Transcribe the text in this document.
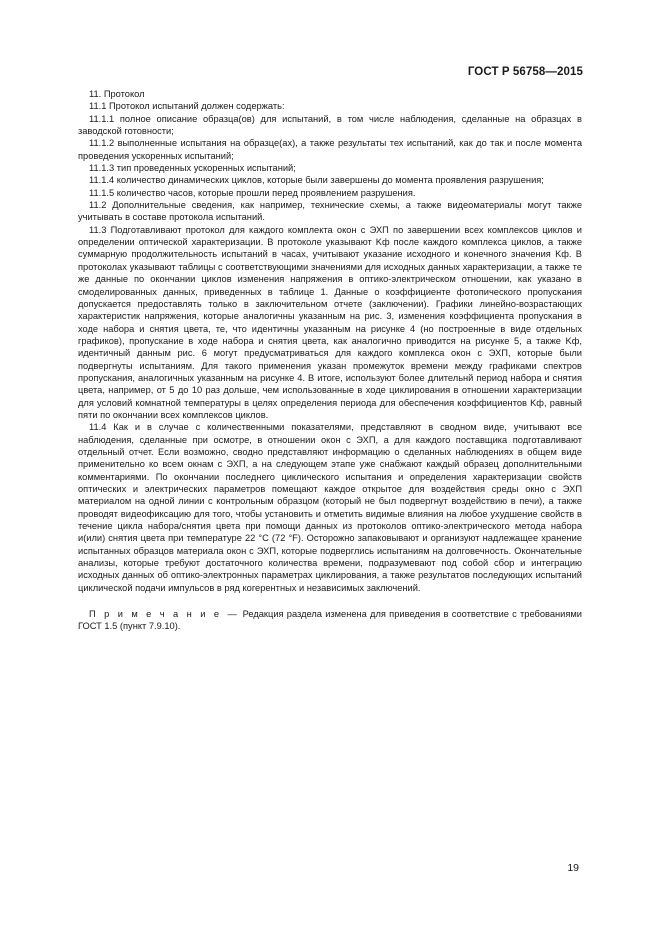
ГОСТ Р 56758—2015

11. Протокол

11.1 Протокол испытаний должен содержать:

11.1.1 полное описание образца(ов) для испытаний, в том числе наблюдения, сделанные на образцах в заводской готовности;

11.1.2 выполненные испытания на образце(ах), а также результаты тех испытаний, как до так и после момента проведения ускоренных испытаний;

11.1.3 тип проведенных ускоренных испытаний;

11.1.4 количество динамических циклов, которые были завершены до момента проявления разрушения;

11.1.5 количество часов, которые прошли перед проявлением разрушения.

11.2 Дополнительные сведения, как например, технические схемы, а также видеоматериалы могут также учитывать в составе протокола испытаний.

11.3 Подготавливают протокол для каждого комплекта окон с ЭХП по завершении всех комплексов циклов и определении оптической характеризации. В протоколе указывают Kф после каждого комплекса циклов, а также суммарную продолжительность испытаний в часах, учитывают указание исходного и конечного значения Kф. В протоколах указывают таблицы с соответствующими значениями для исходных данных характеризации, а также те же данные по окончании циклов изменения напряжения в оптико-электрическом отношении, как указано в смоделированных данных, приведенных в таблице 1. Данные о коэффициенте фотопического пропускания допускается предоставлять только в заключительном отчете (заключении). Графики линейно-возрастающих характеристик напряжения, которые аналогичны указанным на рис. 3, изменения коэффициента пропускания в ходе набора и снятия цвета, те, что идентичны указанным на рисунке 4 (но построенные в виде отдельных графиков), пропускание в ходе набора и снятия цвета, как аналогично приводится на рисунке 5, а также Kф, идентичный данным рис. 6 могут предусматриваться для каждого комплекса окон с ЭХП, которые были подвергнуты испытаниям. Для такого применения указан промежуток времени между графиками спектров пропускания, аналогичных указанным на рисунке 4. В итоге, используют более длительнй период набора и снятия цвета, например, от 5 до 10 раз дольше, чем использованные в ходе циклирования в отношении характеризации для условий комнатной температуры в целях определения периода для обеспечения коэффициентов Kф, равный пяти по окончании всех комплексов циклов.

11.4 Как и в случае с количественными показателями, представляют в сводном виде, учитывают все наблюдения, сделанные при осмотре, в отношении окон с ЭХП, а для каждого поставщика подготавливают отдельный отчет. Если возможно, сводно представляют информацию о сделанных наблюдениях в общем виде применительно ко всем окнам с ЭХП, а на следующем этапе уже снабжают каждый образец дополнительными комментариями. По окончании последнего циклического испытания и определения характеризации свойств оптических и электрических параметров помещают каждое открытое для воздействия среды окно с ЭХП материалом на одной линии с контрольным образцом (который не был подвергнут воздействию в печи), а также проводят видеофиксацию для того, чтобы установить и отметить видимые влияния на любое ухудшение свойств в течение цикла набора/снятия цвета при помощи данных из протоколов оптико-электрического метода набора и(или) снятия цвета при температуре 22 °С (72 °F). Осторожно запаковывают и организуют надлежащее хранение испытанных образцов материала окон с ЭХП, которые подверглись испытаниям на долговечность. Окончательные анализы, которые требуют достаточного количества времени, подразумевают под собой сбор и интеграцию исходных данных об оптико-электронных параметрах циклирования, а также результатов последующих испытаний циклической подачи импульсов в ряд когерентных и независимых заключений.

П р и м е ч а н и е — Редакция раздела изменена для приведения в соответствие с требованиями ГОСТ 1.5 (пункт 7.9.10).

19
